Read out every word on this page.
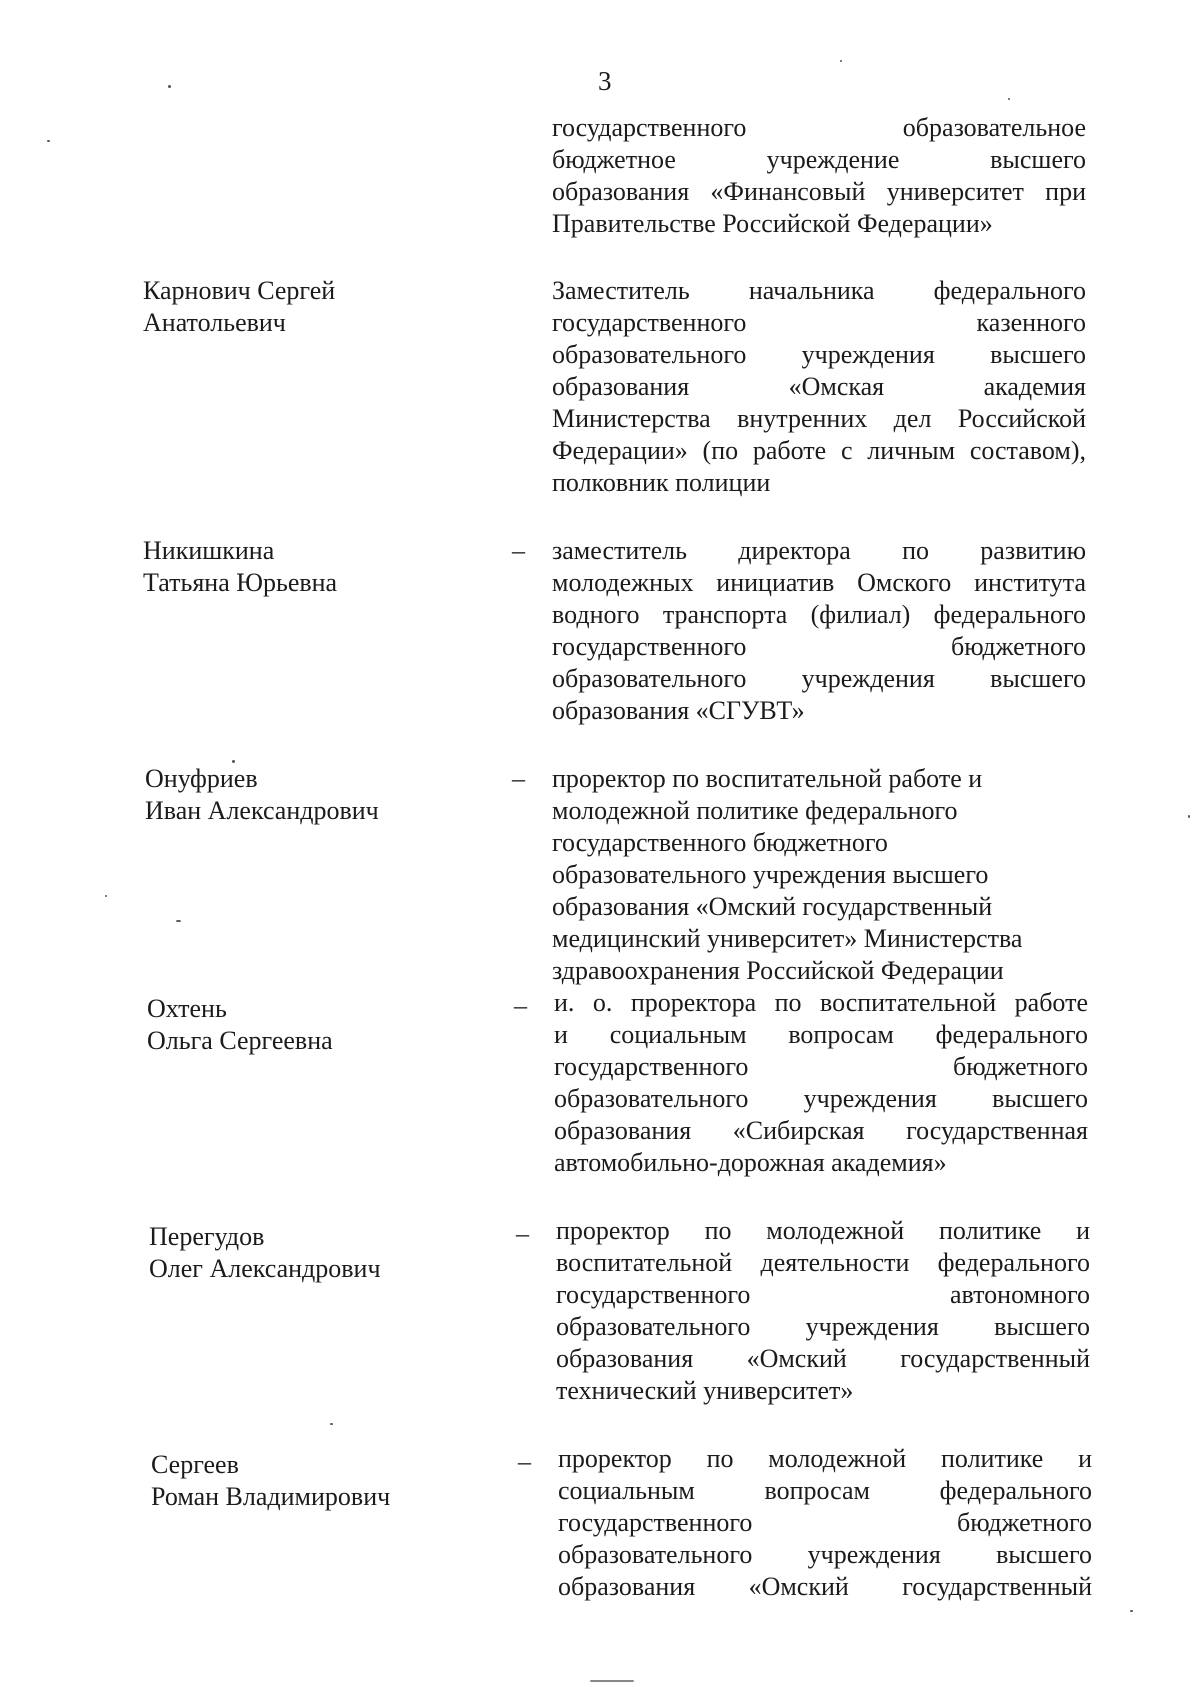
3
государственного образовательное
бюджетное учреждение высшего
образования «Финансовый университет при
Правительстве Российской Федерации»
Карнович Сергей
Анатольевич
Заместитель начальника федерального
государственного казенного
образовательного учреждения высшего
образования «Омская академия
Министерства внутренних дел Российской
Федерации» (по работе с личным составом),
полковник полиции
Никишкина
Татьяна Юрьевна
– заместитель директора по развитию
молодежных инициатив Омского института
водного транспорта (филиал) федерального
государственного бюджетного
образовательного учреждения высшего
образования «СГУВТ»
Онуфриев
Иван Александрович
– проректор по воспитательной работе и
молодежной политике федерального
государственного бюджетного
образовательного учреждения высшего
образования «Омский государственный
медицинский университет» Министерства
здравоохранения Российской Федерации
Охтень
Ольга Сергеевна
– и. о. проректора по воспитательной работе
и социальным вопросам федерального
государственного бюджетного
образовательного учреждения высшего
образования «Сибирская государственная
автомобильно-дорожная академия»
Перегудов
Олег Александрович
– проректор по молодежной политике и
воспитательной деятельности федерального
государственного автономного
образовательного учреждения высшего
образования «Омский государственный
технический университет»
Сергеев
Роман Владимирович
– проректор по молодежной политике и
социальным вопросам федерального
государственного бюджетного
образовательного учреждения высшего
образования «Омский государственный
